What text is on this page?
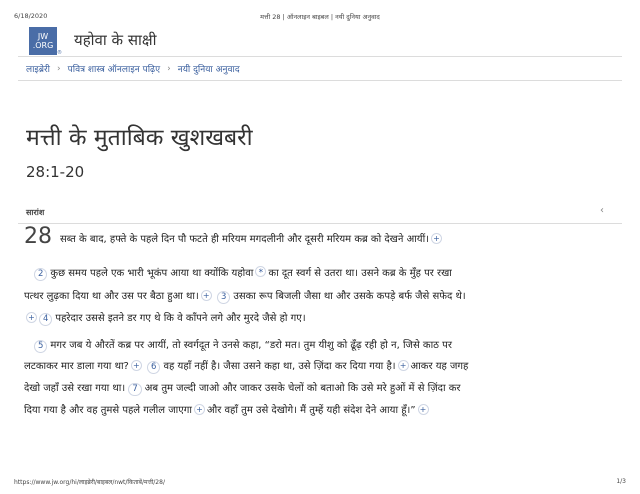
6/18/2020	मत्ती 28 | ऑनलाइन बाइबल | नयी दुनिया अनुवाद
JW
.ORG
®
यहोवा के साक्षी
लाइब्रेरी › पवित्र शास्त्र ऑनलाइन पढ़िए › नयी दुनिया अनुवाद
मत्ती के मुताबिक खुशखबरी
28:1-20
सारांश	‹
28 सब्त के बाद, हफ्ते के पहले दिन पौ फटते ही मरियम मगदलीनी और दूसरी मरियम कब्र को देखने आयीं। +
2 कुछ समय पहले एक भारी भूकंप आया था क्योंकि यहोवा * का दूत स्वर्ग से उतरा था। उसने कब्र के मुँह पर रखा
पत्थर लुढ़का दिया था और उस पर बैठा हुआ था। + 3 उसका रूप बिजली जैसा था और उसके कपड़े बर्फ जैसे सफेद थे।
+ 4 पहरेदार उससे इतने डर गए थे कि वे काँपने लगे और मुरदे जैसे हो गए।
5 मगर जब ये औरतें कब्र पर आयीं, तो स्वर्गदूत ने उनसे कहा, “डरो मत। तुम यीशु को ढूँढ़ रही हो न, जिसे काठ पर
लटकाकर मार डाला गया था? + 6 वह यहाँ नहीं है। जैसा उसने कहा था, उसे ज़िंदा कर दिया गया है। + आकर यह जगह
देखो जहाँ उसे रखा गया था। 7 अब तुम जल्दी जाओ और जाकर उसके चेलों को बताओ कि उसे मरे हुओं में से ज़िंदा कर
दिया गया है और वह तुमसे पहले गलील जाएगा + और वहाँ तुम उसे देखोगे। मैं तुम्हें यही संदेश देने आया हूँ।” +
https://www.jw.org/hi/लाइब्रेरी/बाइबल/nwt/किताबें/मत्ती/28/	1/3
